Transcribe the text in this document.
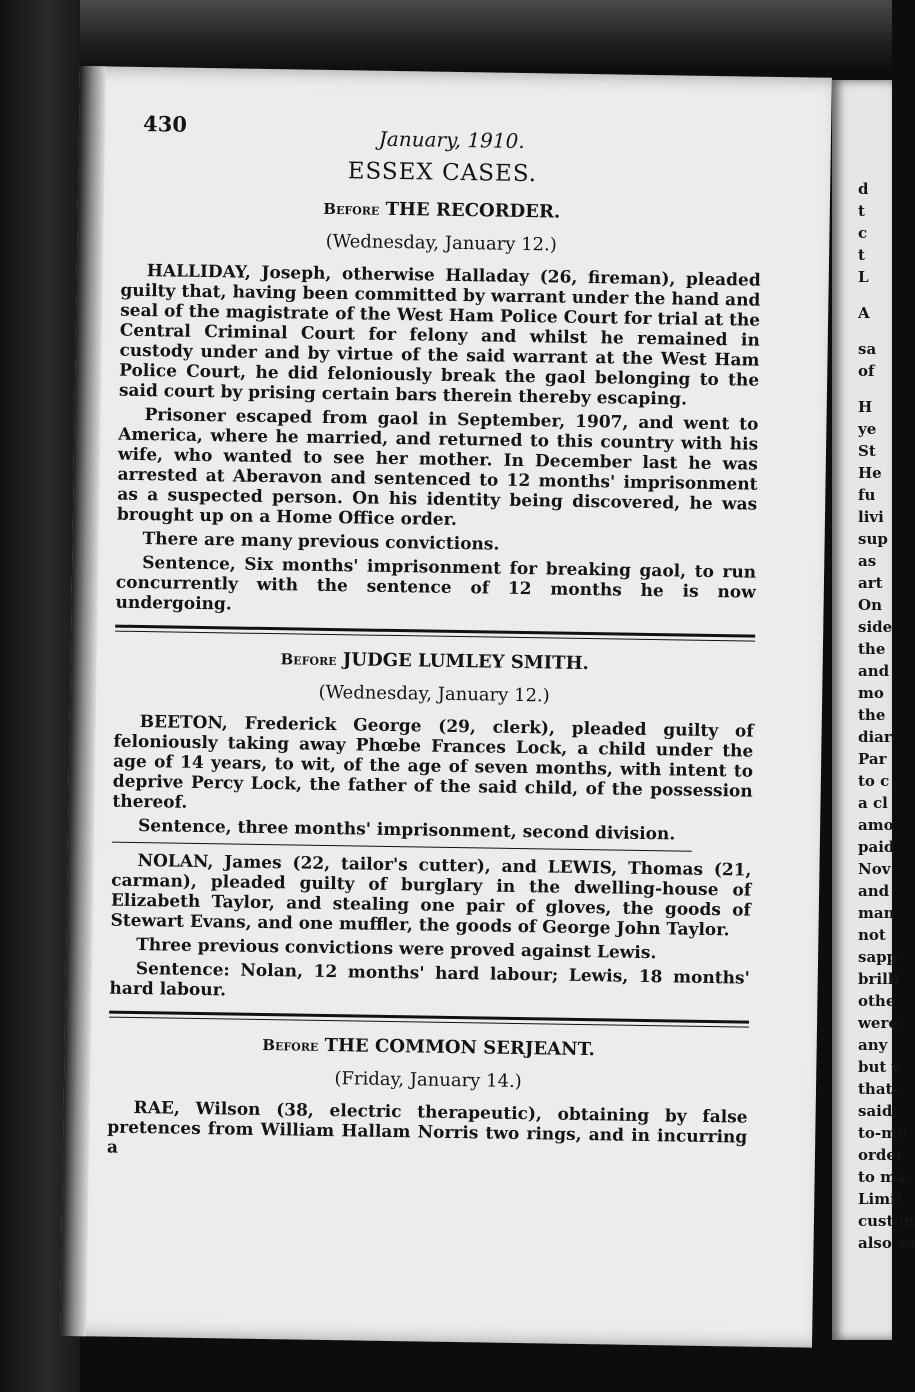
430
January, 1910.
ESSEX CASES.
Before THE RECORDER.
(Wednesday, January 12.)

HALLIDAY, Joseph, otherwise Halladay (26, fireman), pleaded guilty that, having been committed by warrant under the hand and seal of the magistrate of the West Ham Police Court for trial at the Central Criminal Court for felony and whilst he remained in custody under and by virtue of the said warrant at the West Ham Police Court, he did feloniously break the gaol belonging to the said court by prising certain bars therein thereby escaping.

Prisoner escaped from gaol in September, 1907, and went to America, where he married, and returned to this country with his wife, who wanted to see her mother. In December last he was arrested at Aberavon and sentenced to 12 months' imprisonment as a suspected person. On his identity being discovered, he was brought up on a Home Office order.

There are many previous convictions.

Sentence, Six months' imprisonment for breaking gaol, to run concurrently with the sentence of 12 months he is now undergoing.

Before JUDGE LUMLEY SMITH.
(Wednesday, January 12.)

BEETON, Frederick George (29, clerk), pleaded guilty of feloniously taking away Phœbe Frances Lock, a child under the age of 14 years, to wit, of the age of seven months, with intent to deprive Percy Lock, the father of the said child, of the possession thereof.

Sentence, three months' imprisonment, second division.

NOLAN, James (22, tailor's cutter), and LEWIS, Thomas (21, carman), pleaded guilty of burglary in the dwelling-house of Elizabeth Taylor, and stealing one pair of gloves, the goods of Stewart Evans, and one muffler, the goods of George John Taylor.

Three previous convictions were proved against Lewis.

Sentence: Nolan, 12 months' hard labour; Lewis, 18 months' hard labour.

Before THE COMMON SERJEANT.
(Friday, January 14.)

RAE, Wilson (38, electric therapeutic), obtaining by false pretences from William Hallam Norris two rings, and in incurring a

d
t
c
t
L
A
sa
of
H
ye
St
He
fu
livi
sup
as
art
On
side
the
and
mo
the
diar
Par
to c
a cl
amo
paid
Nov
and
man
not
sapp
brilli
othe
were
any
but y
that-
said,
to-mo
order
to ma
Limit
custon
also sa
